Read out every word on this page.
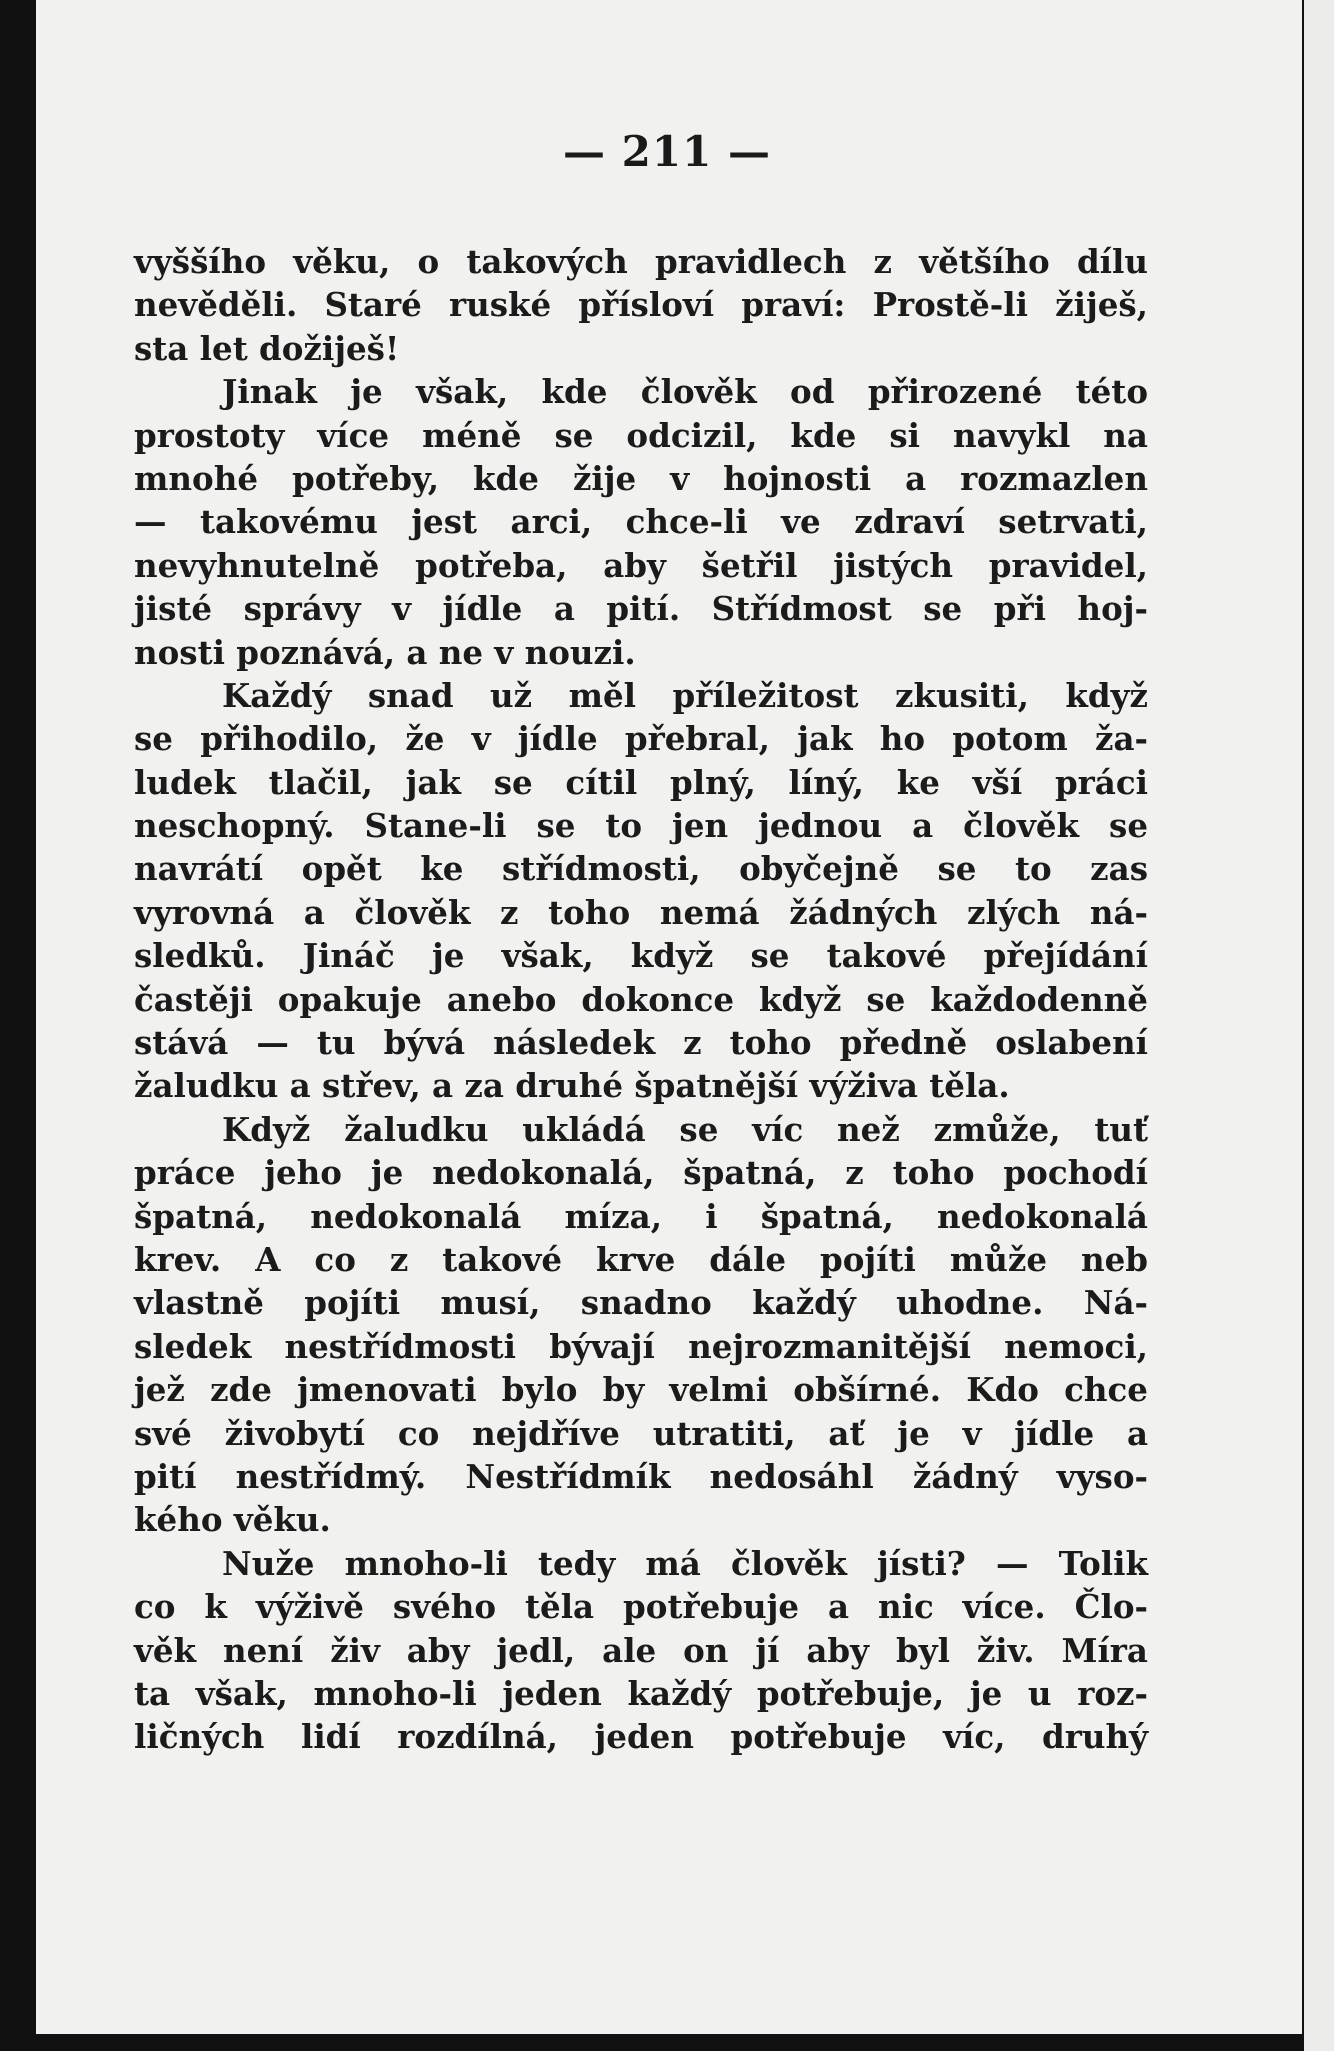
— 211 —
vyššího věku, o takových pravidlech z většího dílu
nevěděli. Staré ruské přísloví praví: Prostě-li žiješ,
sta let dožiješ!
Jinak je však, kde člověk od přirozené této
prostoty více méně se odcizil, kde si navykl na
mnohé potřeby, kde žije v hojnosti a rozmazlen
— takovému jest arci, chce-li ve zdraví setrvati,
nevyhnutelně potřeba, aby šetřil jistých pravidel,
jisté správy v jídle a pití. Střídmost se při hoj-
nosti poznává, a ne v nouzi.
Každý snad už měl příležitost zkusiti, když
se přihodilo, že v jídle přebral, jak ho potom ža-
ludek tlačil, jak se cítil plný, líný, ke vší práci
neschopný. Stane-li se to jen jednou a člověk se
navrátí opět ke střídmosti, obyčejně se to zas
vyrovná a člověk z toho nemá žádných zlých ná-
sledků. Jináč je však, když se takové přejídání
častěji opakuje anebo dokonce když se každodenně
stává — tu bývá následek z toho předně oslabení
žaludku a střev, a za druhé špatnější výživa těla.
Když žaludku ukládá se víc než zmůže, tuť
práce jeho je nedokonalá, špatná, z toho pochodí
špatná, nedokonalá míza, i špatná, nedokonalá
krev. A co z takové krve dále pojíti může neb
vlastně pojíti musí, snadno každý uhodne. Ná-
sledek nestřídmosti bývají nejrozmanitější nemoci,
jež zde jmenovati bylo by velmi obšírné. Kdo chce
své živobytí co nejdříve utratiti, ať je v jídle a
pití nestřídmý. Nestřídmík nedosáhl žádný vyso-
kého věku.
Nuže mnoho-li tedy má člověk jísti? — Tolik
co k výživě svého těla potřebuje a nic více. Člo-
věk není živ aby jedl, ale on jí aby byl živ. Míra
ta však, mnoho-li jeden každý potřebuje, je u roz-
ličných lidí rozdílná, jeden potřebuje víc, druhý
